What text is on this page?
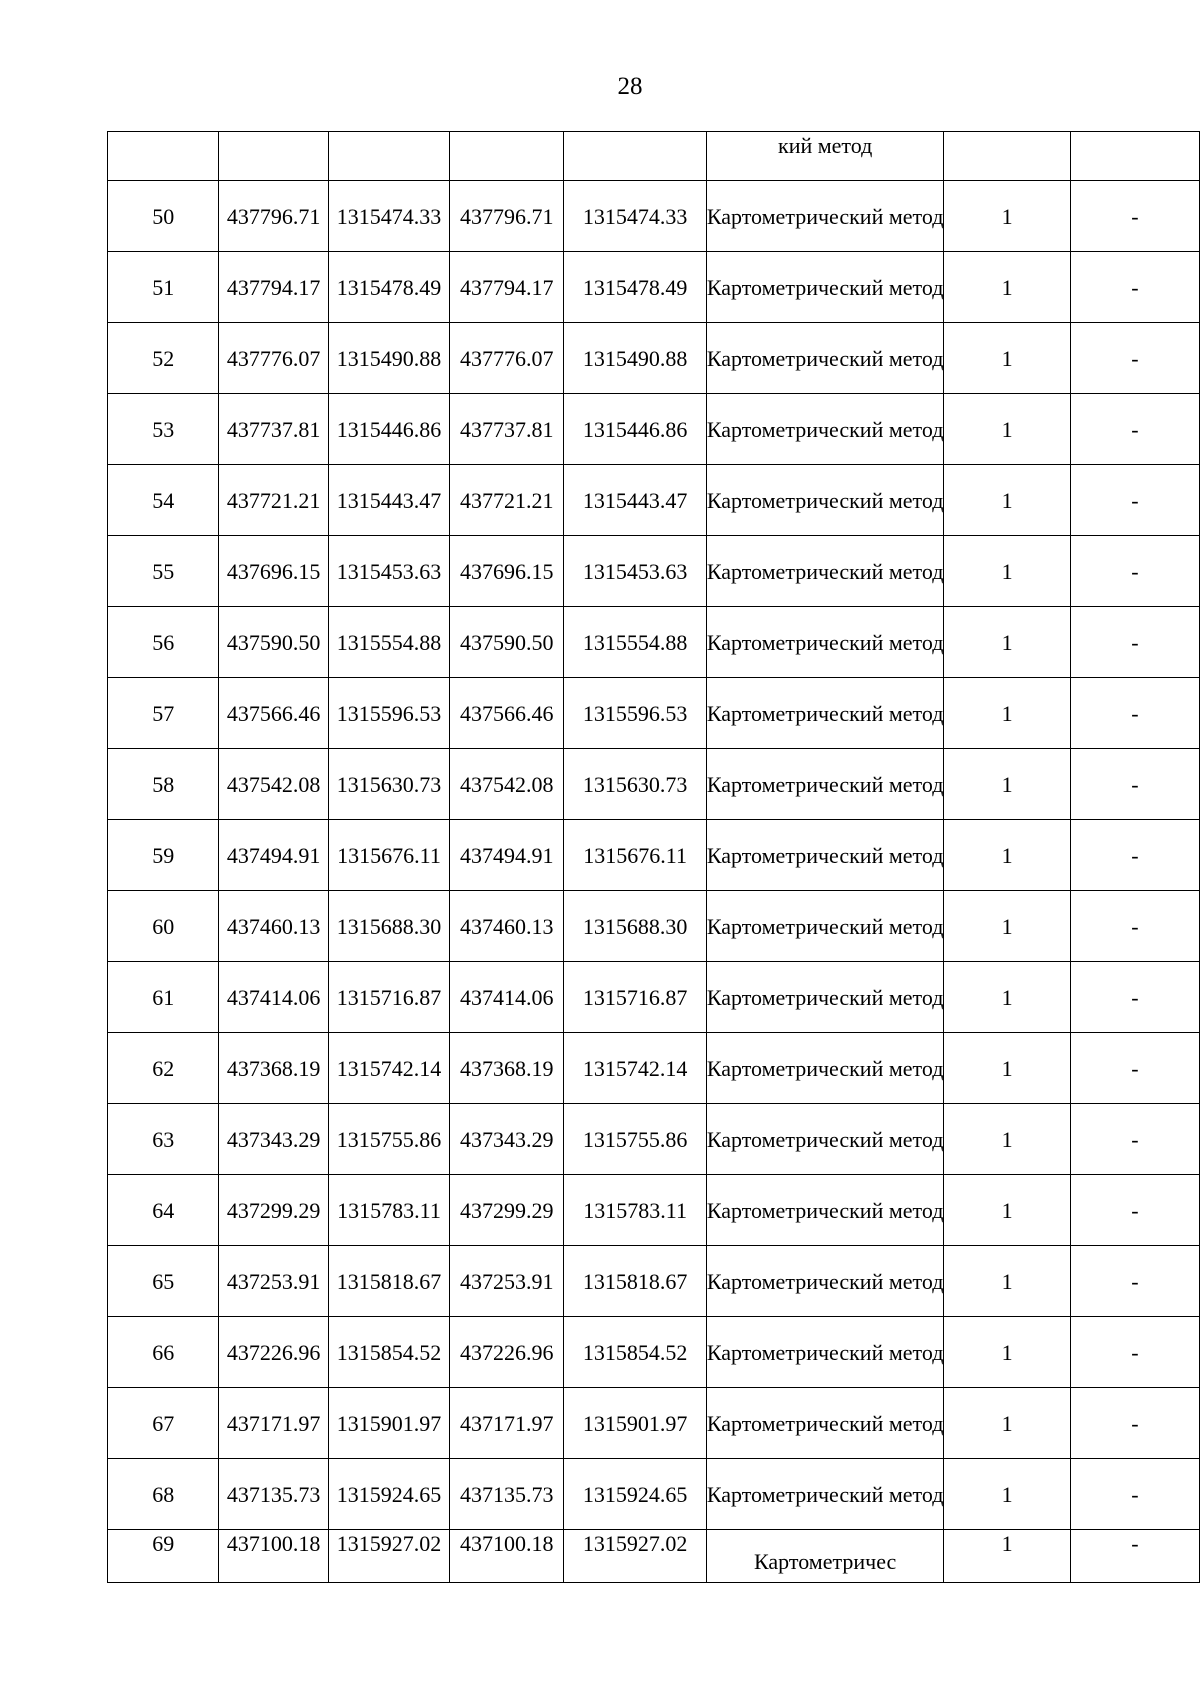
28
					кий метод		
50	437796.71	1315474.33	437796.71	1315474.33	Картометрический метод	1	-
51	437794.17	1315478.49	437794.17	1315478.49	Картометрический метод	1	-
52	437776.07	1315490.88	437776.07	1315490.88	Картометрический метод	1	-
53	437737.81	1315446.86	437737.81	1315446.86	Картометрический метод	1	-
54	437721.21	1315443.47	437721.21	1315443.47	Картометрический метод	1	-
55	437696.15	1315453.63	437696.15	1315453.63	Картометрический метод	1	-
56	437590.50	1315554.88	437590.50	1315554.88	Картометрический метод	1	-
57	437566.46	1315596.53	437566.46	1315596.53	Картометрический метод	1	-
58	437542.08	1315630.73	437542.08	1315630.73	Картометрический метод	1	-
59	437494.91	1315676.11	437494.91	1315676.11	Картометрический метод	1	-
60	437460.13	1315688.30	437460.13	1315688.30	Картометрический метод	1	-
61	437414.06	1315716.87	437414.06	1315716.87	Картометрический метод	1	-
62	437368.19	1315742.14	437368.19	1315742.14	Картометрический метод	1	-
63	437343.29	1315755.86	437343.29	1315755.86	Картометрический метод	1	-
64	437299.29	1315783.11	437299.29	1315783.11	Картометрический метод	1	-
65	437253.91	1315818.67	437253.91	1315818.67	Картометрический метод	1	-
66	437226.96	1315854.52	437226.96	1315854.52	Картометрический метод	1	-
67	437171.97	1315901.97	437171.97	1315901.97	Картометрический метод	1	-
68	437135.73	1315924.65	437135.73	1315924.65	Картометрический метод	1	-
69	437100.18	1315927.02	437100.18	1315927.02	Картометричес	1	-
